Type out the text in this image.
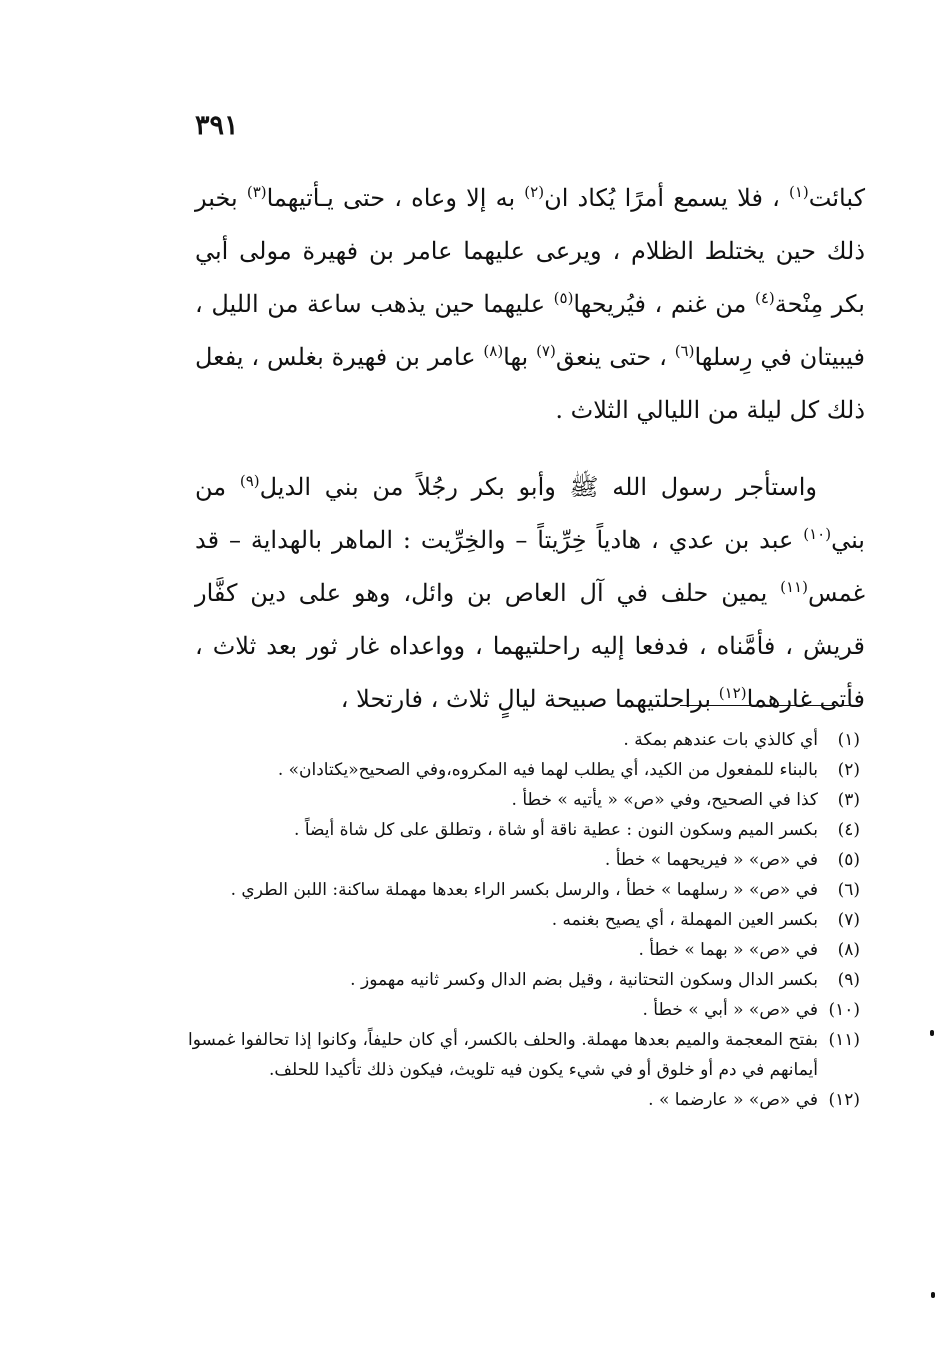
٣٩١

كبائت$^{(١)}$ ، فلا يسمع أمرًا يُكاد ان$^{(٢)}$ به إلا وعاه ، حتى يـأتيهما$^{(٣)}$ بخبر ذلك حين يختلط الظلام ، ويرعى عليهما عامر بن فهيرة مولى أبي بكر مِنْحة$^{(٤)}$ من غنم ، فيُريحها$^{(٥)}$ عليهما حين يذهب ساعة من الليل ، فيبيتان في رِسلها$^{(٦)}$ ، حتى ينعق$^{(٧)}$ بها$^{(٨)}$ عامر بن فهيرة بغلس ، يفعل ذلك كل ليلة من الليالي الثلاث .

واستأجر رسول الله ﷺ وأبو بكر رجُلاً من بني الديل$^{(٩)}$ من بني$^{(١٠)}$ عبد بن عدي ، هادياً خِرِّيتاً – والخِرِّيت : الماهر بالهداية – قد غمس$^{(١١)}$ يمين حلف في آل العاص بن وائل، وهو على دين كفَّار قريش ، فأمَّناه ، فدفعا إليه راحلتيهما ، وواعداه غار ثور بعد ثلاث ، فأتى غارهما$^{(١٢)}$ براحلتيهما صبيحة ليالٍ ثلاث ، فارتحلا ،

(١)
أي كالذي بات عندهم بمكة .
(٢)
بالبناء للمفعول من الكيد، أي يطلب لهما فيه المكروه،وفي الصحيح«يكتادان» .
(٣)
كذا في الصحيح، وفي «ص» « يأتيه » خطأ .
(٤)
بكسر الميم وسكون النون : عطية ناقة أو شاة ، وتطلق على كل شاة أيضاً .
(٥)
في «ص» « فيريحهما » خطأ .
(٦)
في «ص» « رسلهما » خطأ ، والرسل بكسر الراء بعدها مهملة ساكنة: اللبن الطري .
(٧)
بكسر العين المهملة ، أي يصيح بغنمه .
(٨)
في «ص» « بهما » خطأ .
(٩)
بكسر الدال وسكون التحتانية ، وقيل بضم الدال وكسر ثانيه مهموز .
(١٠)
في «ص» « أبي » خطأ .
(١١)
بفتح المعجمة والميم بعدها مهملة. والحلف بالكسر، أي كان حليفاً، وكانوا إذا تحالفوا غمسوا أيمانهم في دم أو خلوق أو في شيء يكون فيه تلويث، فيكون ذلك تأكيدا للحلف.
(١٢)
في «ص» « عارضما » .
